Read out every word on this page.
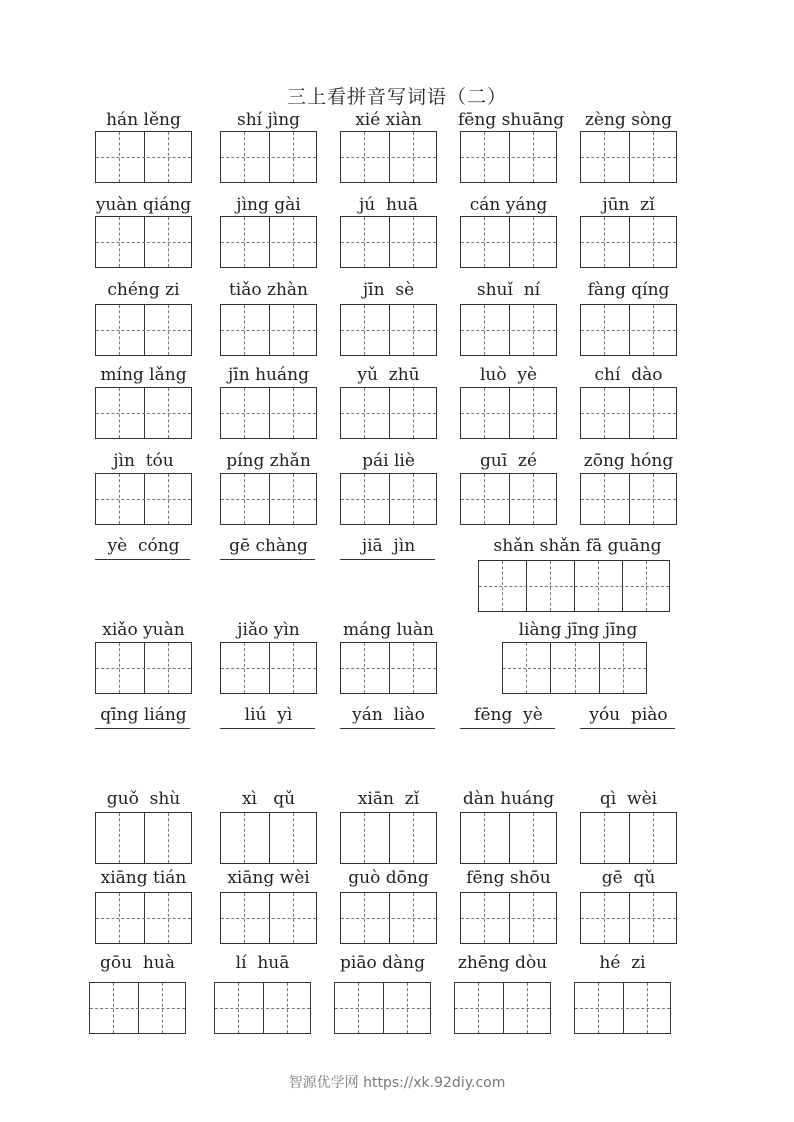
三上看拼音写词语（二）
hán lěng	shí jìng	xié xiàn	fēng shuāng	zèng sòng
yuàn qiáng	jìng gài	jú  huā	cán yáng	jūn  zǐ
chéng zi	tiǎo zhàn	jīn  sè	shuǐ  ní	fàng qíng
míng lǎng	jīn huáng	yǔ  zhū	luò  yè	chí  dào
jìn  tóu	píng zhǎn	pái liè	guī  zé	zōng hóng
yè  cóng	gē chàng	jiā  jìn	shǎn shǎn fā guāng
xiǎo yuàn	jiǎo yìn	máng luàn	liàng jīng jīng
qīng liáng	liú  yì	yán  liào	fēng  yè	yóu  piào
guǒ  shù	xì   qǔ	xiān  zǐ	dàn huáng	qì  wèi
xiāng tián	xiāng wèi	guò dōng	fēng shōu	gē  qǔ
gōu  huà	lí  huā	piāo dàng	zhēng dòu	hé  zi
智源优学网 https://xk.92diy.com
